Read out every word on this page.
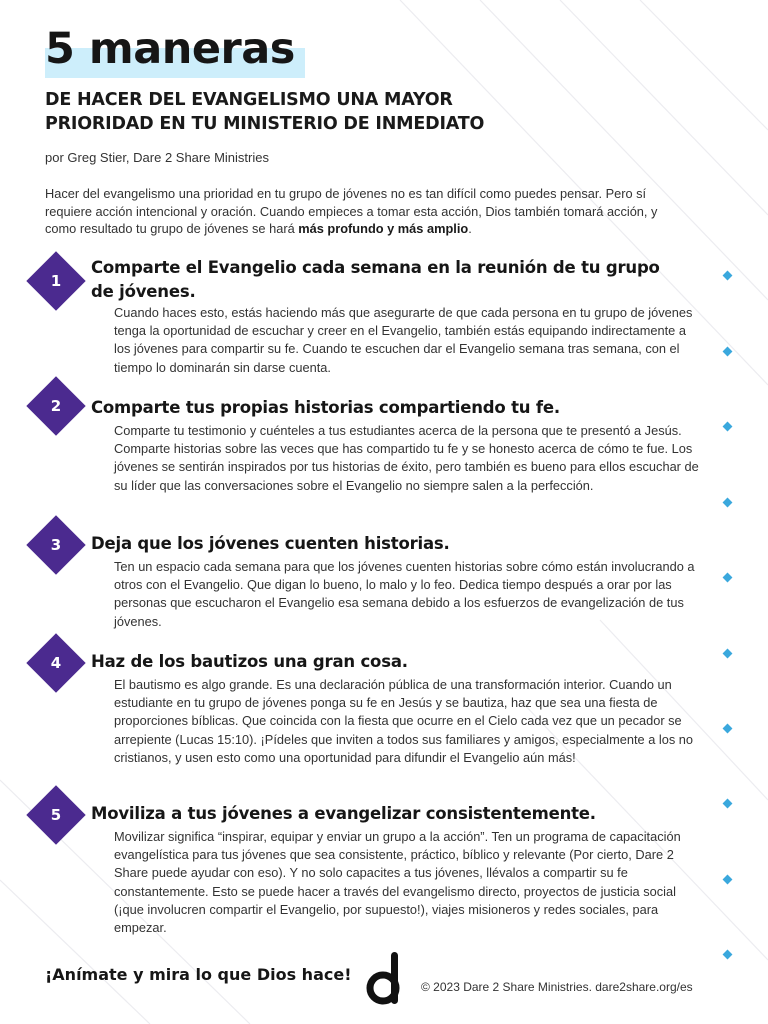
5 maneras
DE HACER DEL EVANGELISMO UNA MAYOR
PRIORIDAD EN TU MINISTERIO DE INMEDIATO
por Greg Stier, Dare 2 Share Ministries

Hacer del evangelismo una prioridad en tu grupo de jóvenes no es tan difícil como puedes pensar. Pero sí requiere acción intencional y oración. Cuando empieces a tomar esta acción, Dios también tomará acción, y como resultado tu grupo de jóvenes se hará más profundo y más amplio.

1
Comparte el Evangelio cada semana en la reunión de tu grupo de jóvenes.

Cuando haces esto, estás haciendo más que asegurarte de que cada persona en tu grupo de jóvenes tenga la oportunidad de escuchar y creer en el Evangelio, también estás equipando indirectamente a los jóvenes para compartir su fe. Cuando te escuchen dar el Evangelio semana tras semana, con el tiempo lo dominarán sin darse cuenta.

2	Comparte tus propias historias compartiendo tu fe.

Comparte tu testimonio y cuénteles a tus estudiantes acerca de la persona que te presentó a Jesús. Comparte historias sobre las veces que has compartido tu fe y se honesto acerca de cómo te fue. Los jóvenes se sentirán inspirados por tus historias de éxito, pero también es bueno para ellos escuchar de su líder que las conversaciones sobre el Evangelio no siempre salen a la perfección.

3	Deja que los jóvenes cuenten historias.

Ten un espacio cada semana para que los jóvenes cuenten historias sobre cómo están involucrando a otros con el Evangelio. Que digan lo bueno, lo malo y lo feo. Dedica tiempo después a orar por las personas que escucharon el Evangelio esa semana debido a los esfuerzos de evangelización de tus jóvenes.

4	Haz de los bautizos una gran cosa.

El bautismo es algo grande. Es una declaración pública de una transformación interior. Cuando un estudiante en tu grupo de jóvenes ponga su fe en Jesús y se bautiza, haz que sea una fiesta de proporciones bíblicas. Que coincida con la fiesta que ocurre en el Cielo cada vez que un pecador se arrepiente (Lucas 15:10). ¡Pídeles que inviten a todos sus familiares y amigos, especialmente a los no cristianos, y usen esto como una oportunidad para difundir el Evangelio aún más!

5	Moviliza a tus jóvenes a evangelizar consistentemente.

Movilizar significa “inspirar, equipar y enviar un grupo a la acción”. Ten un programa de capacitación evangelística para tus jóvenes que sea consistente, práctico, bíblico y relevante (Por cierto, Dare 2 Share puede ayudar con eso). Y no solo capacites a tus jóvenes, llévalos a compartir su fe constantemente. Esto se puede hacer a través del evangelismo directo, proyectos de justicia social (¡que involucren compartir el Evangelio, por supuesto!), viajes misioneros y redes sociales, para empezar.

¡Anímate y mira lo que Dios hace!

© 2023 Dare 2 Share Ministries. dare2share.org/es
